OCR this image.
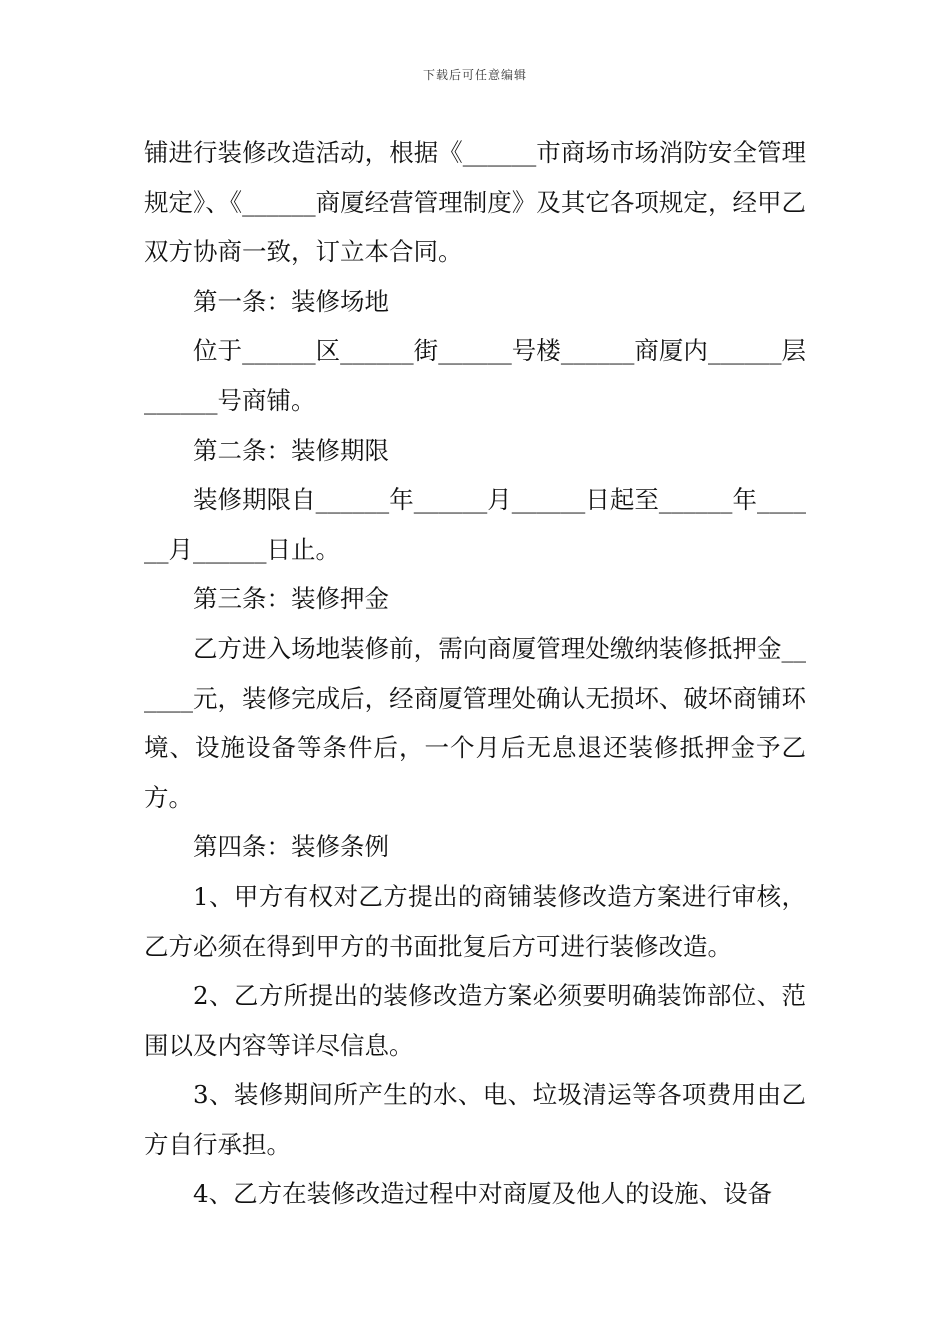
下载后可任意编辑

铺进行装修改造活动，根据《______市商场市场消防安全管理规定》、《______商厦经营管理制度》及其它各项规定，经甲乙双方协商一致，订立本合同。

第一条：装修场地

位于______区______街______号楼______商厦内______层______号商铺。

第二条：装修期限

装修期限自______年______月______日起至______年______月______日止。

第三条：装修押金

乙方进入场地装修前，需向商厦管理处缴纳装修抵押金______元，装修完成后，经商厦管理处确认无损坏、破坏商铺环境、设施设备等条件后，一个月后无息退还装修抵押金予乙方。

第四条：装修条例

1、甲方有权对乙方提出的商铺装修改造方案进行审核，乙方必须在得到甲方的书面批复后方可进行装修改造。

2、乙方所提出的装修改造方案必须要明确装饰部位、范围以及内容等详尽信息。

3、装修期间所产生的水、电、垃圾清运等各项费用由乙方自行承担。

4、乙方在装修改造过程中对商厦及他人的设施、设备
